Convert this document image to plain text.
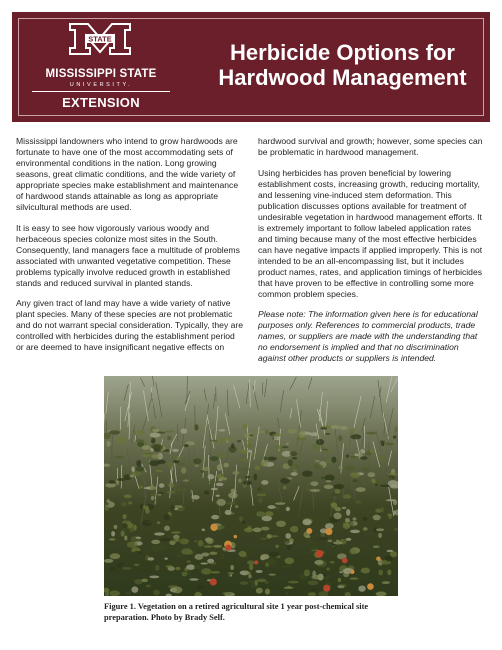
STATE
MISSISSIPPI STATE
UNIVERSITY.
EXTENSION
Herbicide Options for Hardwood Management

Mississippi landowners who intend to grow hardwoods are fortunate to have one of the most accommodating sets of environmental conditions in the nation. Long growing seasons, great climatic conditions, and the wide variety of appropriate species make establishment and maintenance of hardwood stands attainable as long as appropriate silvicultural methods are used.

It is easy to see how vigorously various woody and herbaceous species colonize most sites in the South. Consequently, land managers face a multitude of problems associated with unwanted vegetative competition. These problems typically involve reduced growth in established stands and reduced survival in planted stands.

Any given tract of land may have a wide variety of native plant species. Many of these species are not problematic and do not warrant special consideration. Typically, they are controlled with herbicides during the establishment period or are deemed to have insignificant negative effects on

hardwood survival and growth; however, some species can be problematic in hardwood management.

Using herbicides has proven beneficial by lowering establishment costs, increasing growth, reducing mortality, and lessening vine-induced stem deformation. This publication discusses options available for treatment of undesirable vegetation in hardwood management efforts. It is extremely important to follow labeled application rates and timing because many of the most effective herbicides can have negative impacts if applied improperly. This is not intended to be an all-encompassing list, but it includes product names, rates, and application timings of herbicides that have proven to be effective in controlling some more common problem species.

Please note: The information given here is for educational purposes only. References to commercial products, trade names, or suppliers are made with the understanding that no endorsement is implied and that no discrimination against other products or suppliers is intended.

Figure 1. Vegetation on a retired agricultural site 1 year post-chemical site preparation. Photo by Brady Self.
